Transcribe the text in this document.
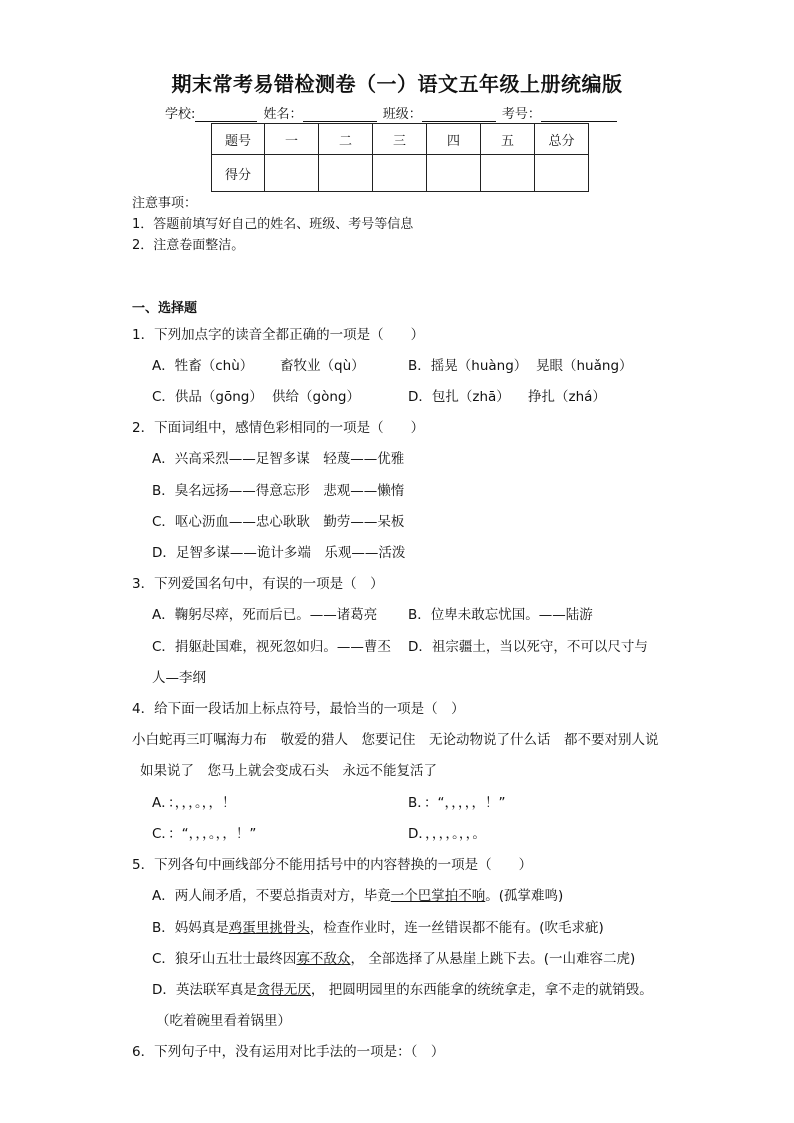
期末常考易错检测卷（一）语文五年级上册统编版
学校:	姓名：	班级：	考号：
题号	一	二	三	四	五	总分
得分						
注意事项：
1．答题前填写好自己的姓名、班级、考号等信息
2．注意卷面整洁。
一、选择题
1．下列加点字的读音全都正确的一项是（　　）
A．牲畜（chù） 畜牧业（qù）	B．摇晃（huàng） 晃眼（huǎng）
C．供品（gōng） 供给（gòng）	D．包扎（zhā） 挣扎（zhá）
2．下面词组中，感情色彩相同的一项是（　　）
A．兴高采烈——足智多谋　轻蔑——优雅
B．臭名远扬——得意忘形　悲观——懒惰
C．呕心沥血——忠心耿耿　勤劳——呆板
D．足智多谋——诡计多端　乐观——活泼
3．下列爱国名句中，有误的一项是（　）
A．鞠躬尽瘁，死而后已。——诸葛亮 B．位卑未敢忘忧国。——陆游
C．捐躯赴国难，视死忽如归。——曹丕 D．祖宗疆土，当以死守，不可以尺寸与
人—李纲
4．给下面一段话加上标点符号，最恰当的一项是（　）
小白蛇再三叮嘱海力布　敬爱的猎人　您要记住　无论动物说了什么话　都不要对别人说
如果说了　您马上就会变成石头　永远不能复活了
A．：，，，。，，！	B．：“，，，，，！”
C．：“，，，。，，！”	D．，，，，。，，。
5．下列各句中画线部分不能用括号中的内容替换的一项是（　　）
A．两人闹矛盾，不要总指责对方，毕竟一个巴掌拍不响。(孤掌难鸣)
B．妈妈真是鸡蛋里挑骨头，检查作业时，连一丝错误都不能有。(吹毛求疵)
C．狼牙山五壮士最终因寡不敌众， 全部选择了从悬崖上跳下去。(一山难容二虎)
D．英法联军真是贪得无厌， 把圆明园里的东西能拿的统统拿走，拿不走的就销毁。
（吃着碗里看着锅里）
6．下列句子中，没有运用对比手法的一项是：（　）
